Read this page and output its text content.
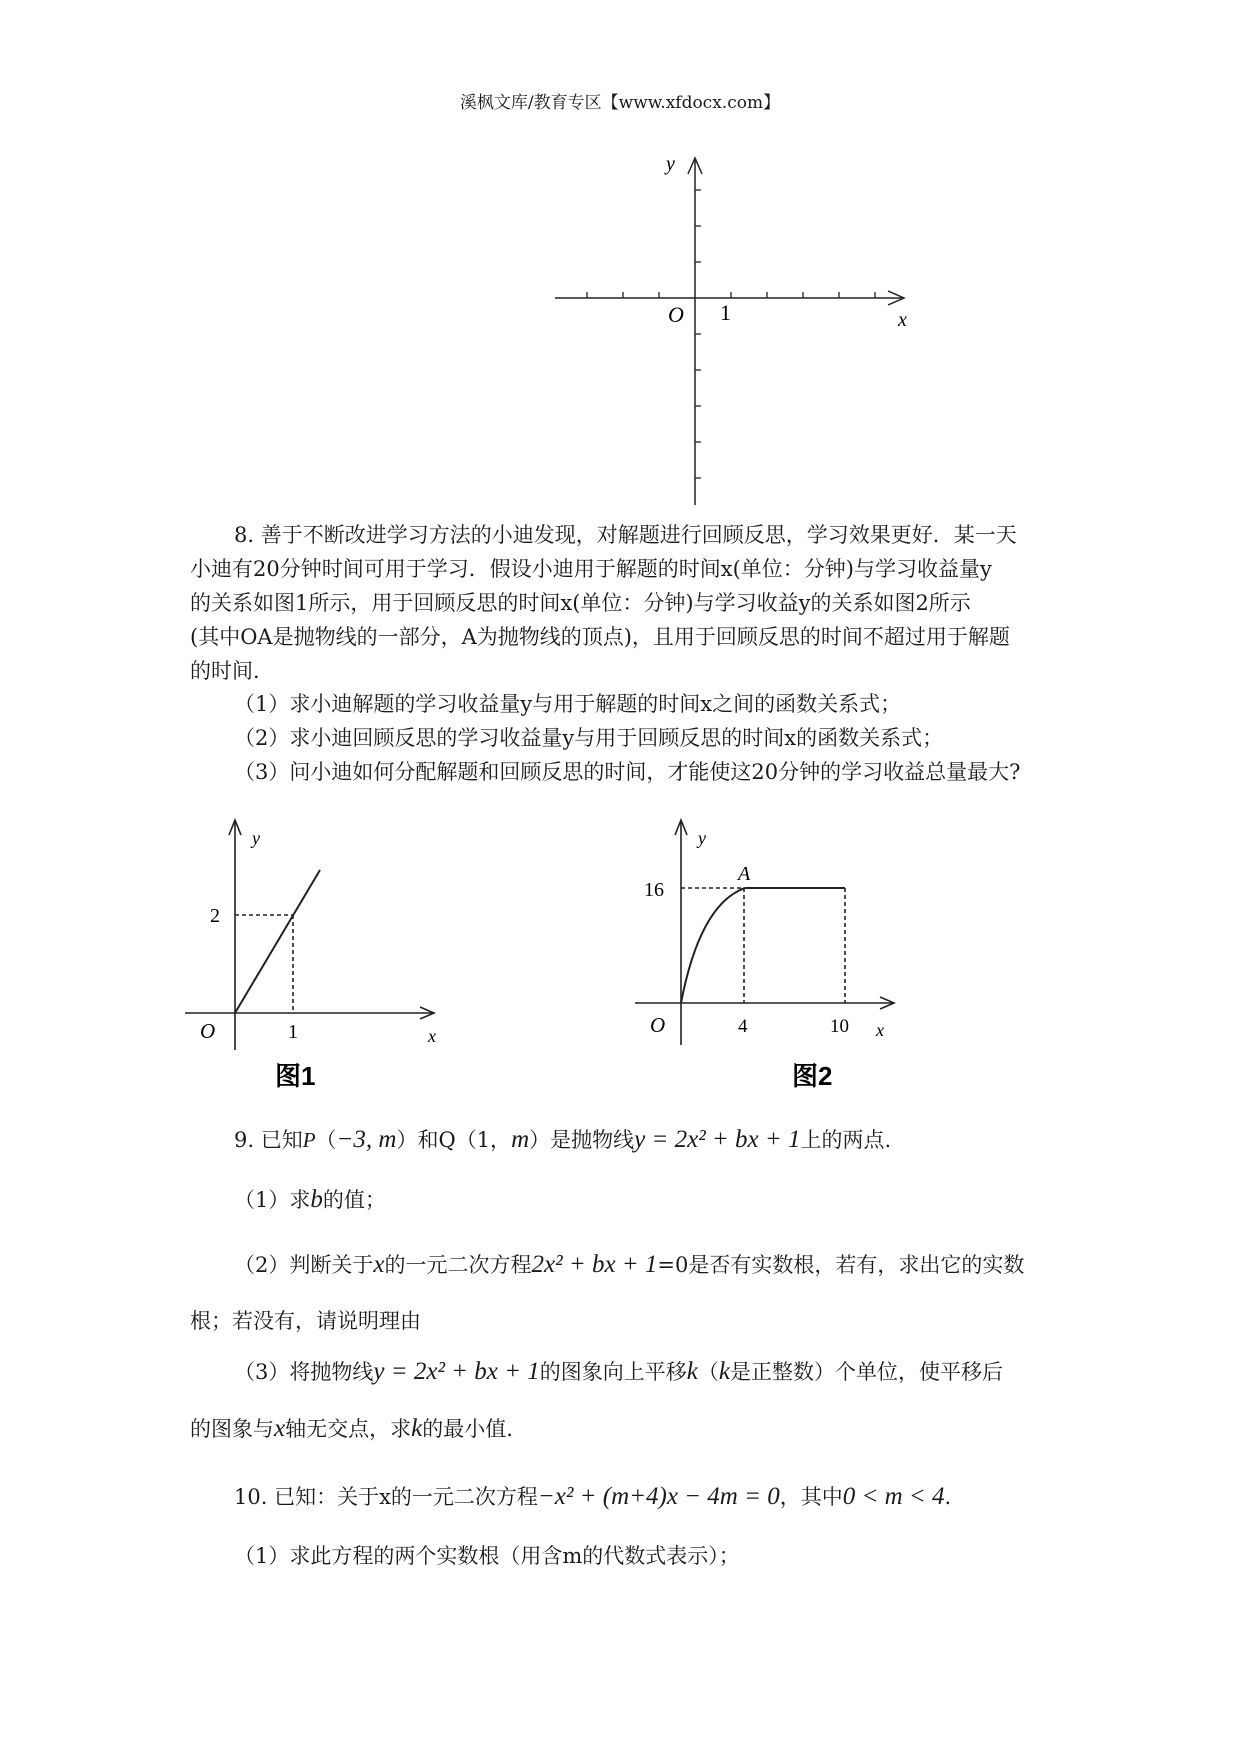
溪枫文库/教育专区【www.xfdocx.com】
O 1	x
y
8. 善于不断改进学习方法的小迪发现，对解题进行回顾反思，学习效果更好．某一天
小迪有20分钟时间可用于学习．假设小迪用于解题的时间x(单位：分钟)与学习收益量y
的关系如图1所示，用于回顾反思的时间x(单位：分钟)与学习收益y的关系如图2所示
(其中OA是抛物线的一部分，A为抛物线的顶点)，且用于回顾反思的时间不超过用于解题
的时间．
（1）求小迪解题的学习收益量y与用于解题的时间x之间的函数关系式；
（2）求小迪回顾反思的学习收益量y与用于回顾反思的时间x的函数关系式；
（3）问小迪如何分配解题和回顾反思的时间，才能使这20分钟的学习收益总量最大?
O	1
2
x
y
图1
O	4	10
16
A
x
y
图2
9. 已知P（−3, m）和Q（1，m）是抛物线y = 2x² + bx + 1上的两点.
（1）求b的值；
（2）判断关于x的一元二次方程2x² + bx + 1=0是否有实数根，若有，求出它的实数
根；若没有，请说明理由
（3）将抛物线y = 2x² + bx + 1的图象向上平移k（k是正整数）个单位，使平移后
的图象与x轴无交点，求k的最小值.
10. 已知：关于x的一元二次方程−x² + (m+4)x − 4m = 0，其中0 < m < 4.
（1）求此方程的两个实数根（用含m的代数式表示）；
